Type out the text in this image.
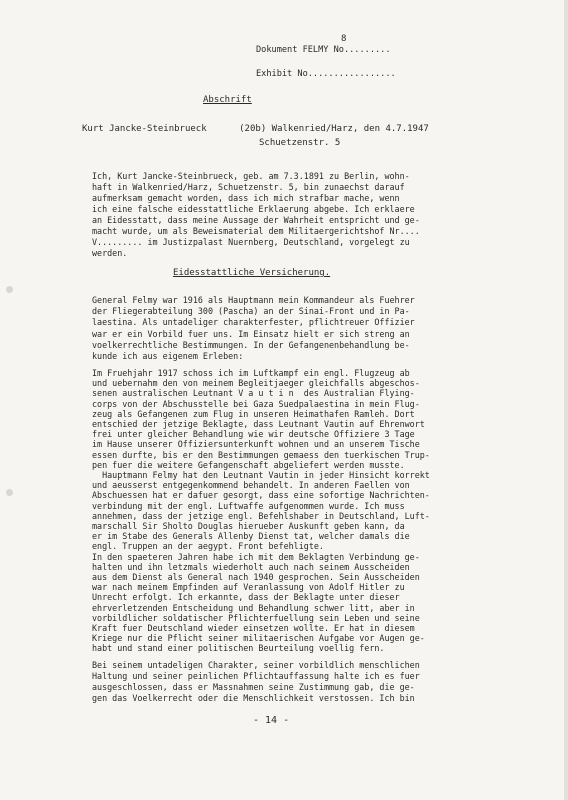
8
Dokument FELMY No.........
Exhibit No.................
Abschrift
Kurt Jancke-Steinbrueck	(20b) Walkenried/Harz, den 4.7.1947
Schuetzenstr. 5
Ich, Kurt Jancke-Steinbrueck, geb. am 7.3.1891 zu Berlin, wohn-
haft in Walkenried/Harz, Schuetzenstr. 5, bin zunaechst darauf
aufmerksam gemacht worden, dass ich mich strafbar mache, wenn
ich eine falsche eidesstattliche Erklaerung abgebe. Ich erklaere
an Eidesstatt, dass meine Aussage der Wahrheit entspricht und ge-
macht wurde, um als Beweismaterial dem Militaergerichtshof Nr....
V......... im Justizpalast Nuernberg, Deutschland, vorgelegt zu
werden.
Eidesstattliche Versicherung.
General Felmy war 1916 als Hauptmann mein Kommandeur als Fuehrer
der Fliegerabteilung 300 (Pascha) an der Sinai-Front und in Pa-
laestina. Als untadeliger charakterfester, pflichtreuer Offizier
war er ein Vorbild fuer uns. Im Einsatz hielt er sich streng an
voelkerrechtliche Bestimmungen. In der Gefangenenbehandlung be-
kunde ich aus eigenem Erleben:
Im Fruehjahr 1917 schoss ich im Luftkampf ein engl. Flugzeug ab
und uebernahm den von meinem Begleitjaeger gleichfalls abgeschos-
senen australischen Leutnant V a u t i n  des Australian Flying-
corps von der Abschusstelle bei Gaza Suedpalaestina in mein Flug-
zeug als Gefangenen zum Flug in unseren Heimathafen Ramleh. Dort
entschied der jetzige Beklagte, dass Leutnant Vautin auf Ehrenwort
frei unter gleicher Behandlung wie wir deutsche Offiziere 3 Tage
im Hause unserer Offiziersunterkunft wohnen und an unserem Tische
essen durfte, bis er den Bestimmungen gemaess den tuerkischen Trup-
pen fuer die weitere Gefangenschaft abgeliefert werden musste.
Hauptmann Felmy hat den Leutnant Vautin in jeder Hinsicht korrekt
und aeusserst entgegenkommend behandelt. In anderen Faellen von
Abschuessen hat er dafuer gesorgt, dass eine sofortige Nachrichten-
verbindung mit der engl. Luftwaffe aufgenommen wurde. Ich muss
annehmen, dass der jetzige engl. Befehlshaber in Deutschland, Luft-
marschall Sir Sholto Douglas hierueber Auskunft geben kann, da
er im Stabe des Generals Allenby Dienst tat, welcher damals die
engl. Truppen an der aegypt. Front befehligte.
In den spaeteren Jahren habe ich mit dem Beklagten Verbindung ge-
halten und ihn letzmals wiederholt auch nach seinem Ausscheiden
aus dem Dienst als General nach 1940 gesprochen. Sein Ausscheiden
war nach meinem Empfinden auf Veranlassung von Adolf Hitler zu
Unrecht erfolgt. Ich erkannte, dass der Beklagte unter dieser
ehrverletzenden Entscheidung und Behandlung schwer litt, aber in
vorbildlicher soldatischer Pflichterfuellung sein Leben und seine
Kraft fuer Deutschland wieder einsetzen wollte. Er hat in diesem
Kriege nur die Pflicht seiner militaerischen Aufgabe vor Augen ge-
habt und stand einer politischen Beurteilung voellig fern.
Bei seinem untadeligen Charakter, seiner vorbildlich menschlichen
Haltung und seiner peinlichen Pflichtauffassung halte ich es fuer
ausgeschlossen, dass er Massnahmen seine Zustimmung gab, die ge-
gen das Voelkerrecht oder die Menschlichkeit verstossen. Ich bin
- 14 -
